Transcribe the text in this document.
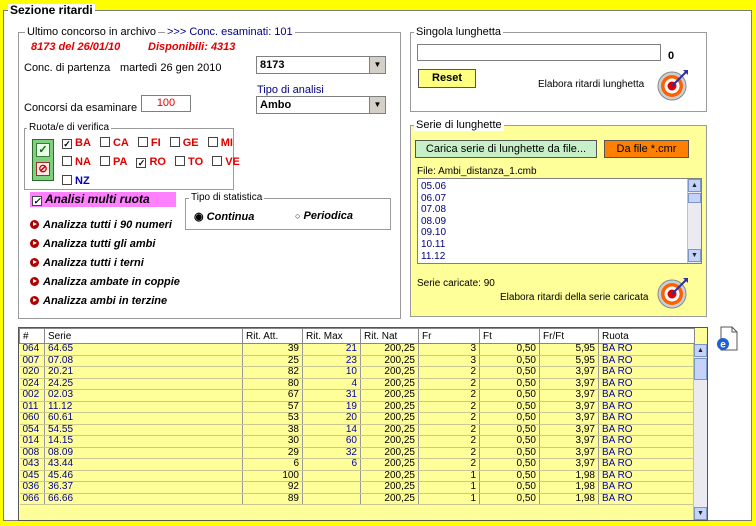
Sezione ritardi
Ultimo concorso in archivo >>> Conc. esaminati: 101
8173 del 26/01/10	Disponibili: 4313
Conc. di partenza martedì 26 gen 2010	8173	▼
Tipo di analisi
Ambo	▼
Concorsi da esaminare	100
Ruota/e di verifica
✓
⊘
✓ BA CA FI GE MI
NA PA ✓ RO TO VE
NZ
✓ Analisi multi ruota	Tipo di statistica
◉ Continua	○ Periodica
Analizza tutti i 90 numeri
Analizza tutti gli ambi
Analizza tutti i terni
Analizza ambate in coppie
Analizza ambi in terzine
Singola lunghetta
0
Reset
Elabora ritardi lunghetta
Serie di lunghette
Carica serie di lunghette da file...	Da file *.cmr
File: Ambi_distanza_1.cmb
05.06
06.07
07.08
08.09
09.10
10.11
11.12
▲
▼
Serie caricate: 90
Elabora ritardi della serie caricata
e
#	Serie	Rit. Att.	Rit. Max	Rit. Nat	Fr	Ft	Fr/Ft	Ruota
064	64.65	39	21	200,25	3	0,50	5,95	BA RO
007	07.08	25	23	200,25	3	0,50	5,95	BA RO
020	20.21	82	10	200,25	2	0,50	3,97	BA RO
024	24.25	80	4	200,25	2	0,50	3,97	BA RO
002	02.03	67	31	200,25	2	0,50	3,97	BA RO
011	11.12	57	19	200,25	2	0,50	3,97	BA RO
060	60.61	53	20	200,25	2	0,50	3,97	BA RO
054	54.55	38	14	200,25	2	0,50	3,97	BA RO
014	14.15	30	60	200,25	2	0,50	3,97	BA RO
008	08.09	29	32	200,25	2	0,50	3,97	BA RO
043	43.44	6	6	200,25	2	0,50	3,97	BA RO
045	45.46	100		200,25	1	0,50	1,98	BA RO
036	36.37	92		200,25	1	0,50	1,98	BA RO
066	66.66	89		200,25	1	0,50	1,98	BA RO
▲
▼
